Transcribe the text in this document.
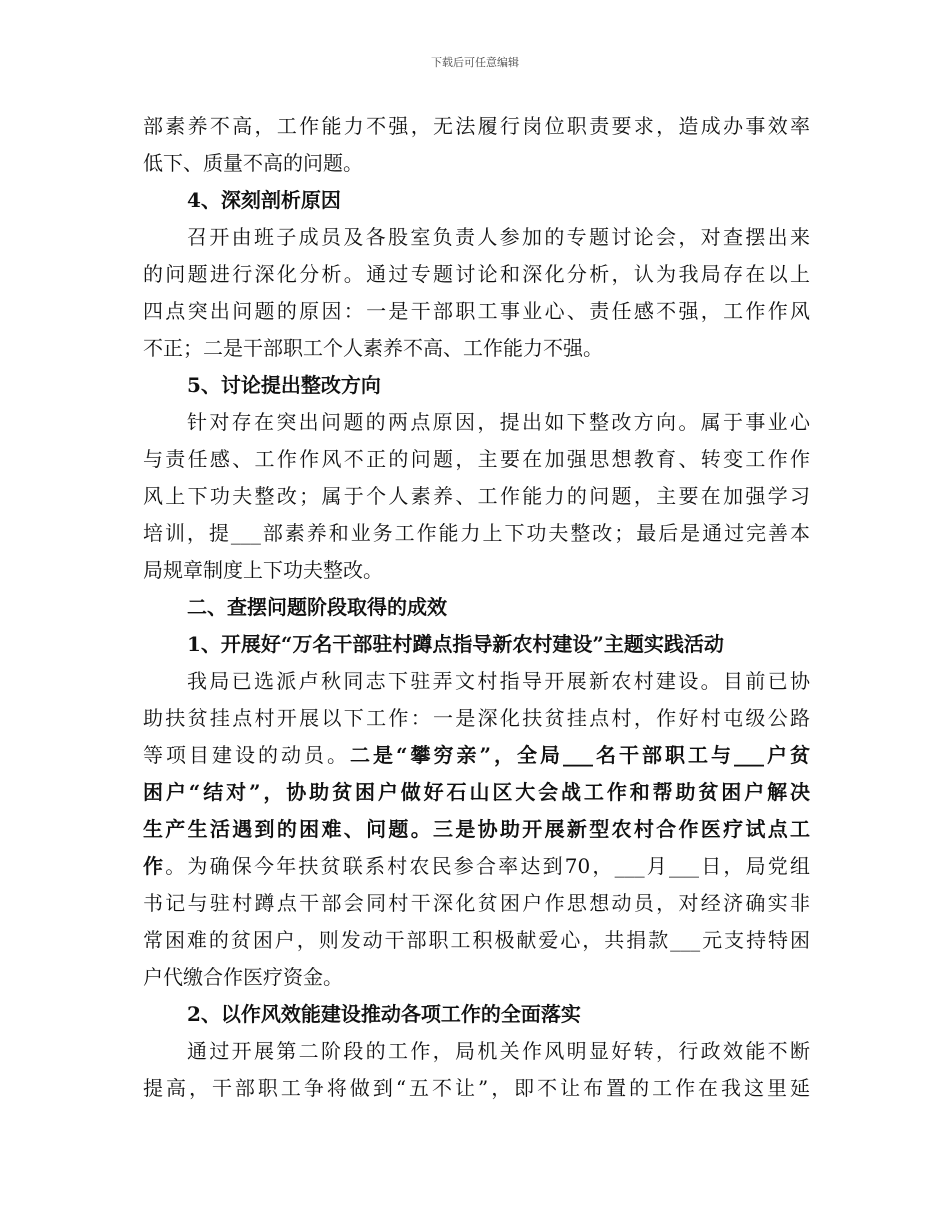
下载后可任意编辑
部素养不高，工作能力不强，无法履行岗位职责要求，造成办事效率
低下、质量不高的问题。
4、深刻剖析原因
召开由班子成员及各股室负责人参加的专题讨论会，对查摆出来
的问题进行深化分析。通过专题讨论和深化分析，认为我局存在以上
四点突出问题的原因：一是干部职工事业心、责任感不强，工作作风
不正；二是干部职工个人素养不高、工作能力不强。
5、讨论提出整改方向
针对存在突出问题的两点原因，提出如下整改方向。属于事业心
与责任感、工作作风不正的问题，主要在加强思想教育、转变工作作
风上下功夫整改；属于个人素养、工作能力的问题，主要在加强学习
培训，提___部素养和业务工作能力上下功夫整改；最后是通过完善本
局规章制度上下功夫整改。
二、查摆问题阶段取得的成效
1、开展好“万名干部驻村蹲点指导新农村建设”主题实践活动
我局已选派卢秋同志下驻弄文村指导开展新农村建设。目前已协
助扶贫挂点村开展以下工作：一是深化扶贫挂点村，作好村屯级公路
等项目建设的动员。二是“攀穷亲”，全局___名干部职工与___户贫
困户“结对”，协助贫困户做好石山区大会战工作和帮助贫困户解决
生产生活遇到的困难、问题。三是协助开展新型农村合作医疗试点工
作。为确保今年扶贫联系村农民参合率达到70，___月___日，局党组
书记与驻村蹲点干部会同村干深化贫困户作思想动员，对经济确实非
常困难的贫困户，则发动干部职工积极献爱心，共捐款___元支持特困
户代缴合作医疗资金。
2、以作风效能建设推动各项工作的全面落实
通过开展第二阶段的工作，局机关作风明显好转，行政效能不断
提高，干部职工争将做到“五不让”，即不让布置的工作在我这里延
